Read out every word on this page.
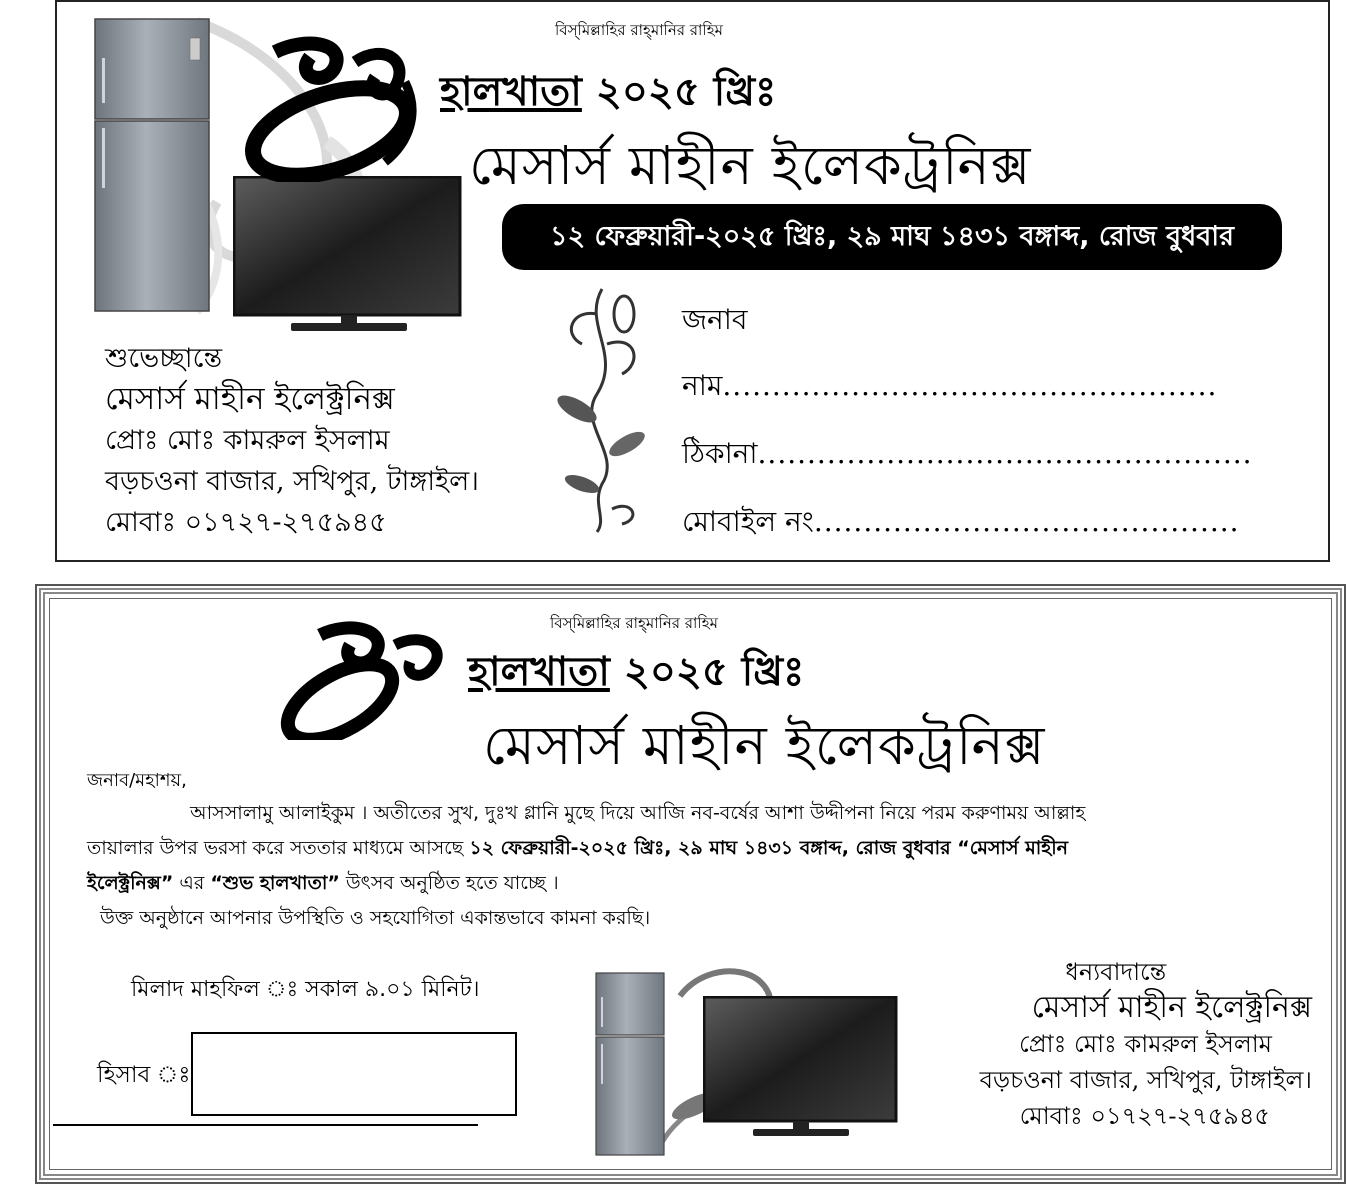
বিস্‌মিল্লাহির রাহ্‌মানির রাহিম
হালখাতা ২০২৫ খ্রিঃ
মেসার্স মাহীন ইলেকট্রনিক্স
১২ ফেব্রুয়ারী-২০২৫ খ্রিঃ, ২৯ মাঘ ১৪৩১ বঙ্গাব্দ, রোজ বুধবার
শুভেচ্ছান্তে
মেসার্স মাহীন ইলেক্ট্রনিক্স
প্রোঃ মোঃ কামরুল ইসলাম
বড়চওনা বাজার, সখিপুর, টাঙ্গাইল।
মোবাঃ ০১৭২৭-২৭৫৯৪৫
জনাব
নাম..................................................
ঠিকানা..................................................
মোবাইল নং...........................................
বিস্‌মিল্লাহির রাহ্‌মানির রাহিম
হালখাতা ২০২৫ খ্রিঃ
মেসার্স মাহীন ইলেকট্রনিক্স
জনাব/মহাশয়,
আসসালামু আলাইকুম । অতীতের সুখ, দুঃখ গ্লানি মুছে দিয়ে আজি নব-বর্ষের আশা উদ্দীপনা নিয়ে পরম করুণাময় আল্লাহ
তায়ালার উপর ভরসা করে সততার মাধ্যমে আসছে ১২ ফেব্রুয়ারী-২০২৫ খ্রিঃ, ২৯ মাঘ ১৪৩১ বঙ্গাব্দ, রোজ বুধবার “মেসার্স মাহীন
ইলেক্ট্রনিক্স” এর “শুভ হালখাতা” উৎসব অনুষ্ঠিত হতে যাচ্ছে ।
উক্ত অনুষ্ঠানে আপনার উপস্থিতি ও সহযোগিতা একান্তভাবে কামনা করছি।
মিলাদ মাহফিল ঃ সকাল ৯.০১ মিনিট।
হিসাব ঃ
ধন্যবাদান্তে
মেসার্স মাহীন ইলেক্ট্রনিক্স
প্রোঃ মোঃ কামরুল ইসলাম
বড়চওনা বাজার, সখিপুর, টাঙ্গাইল।
মোবাঃ ০১৭২৭-২৭৫৯৪৫
